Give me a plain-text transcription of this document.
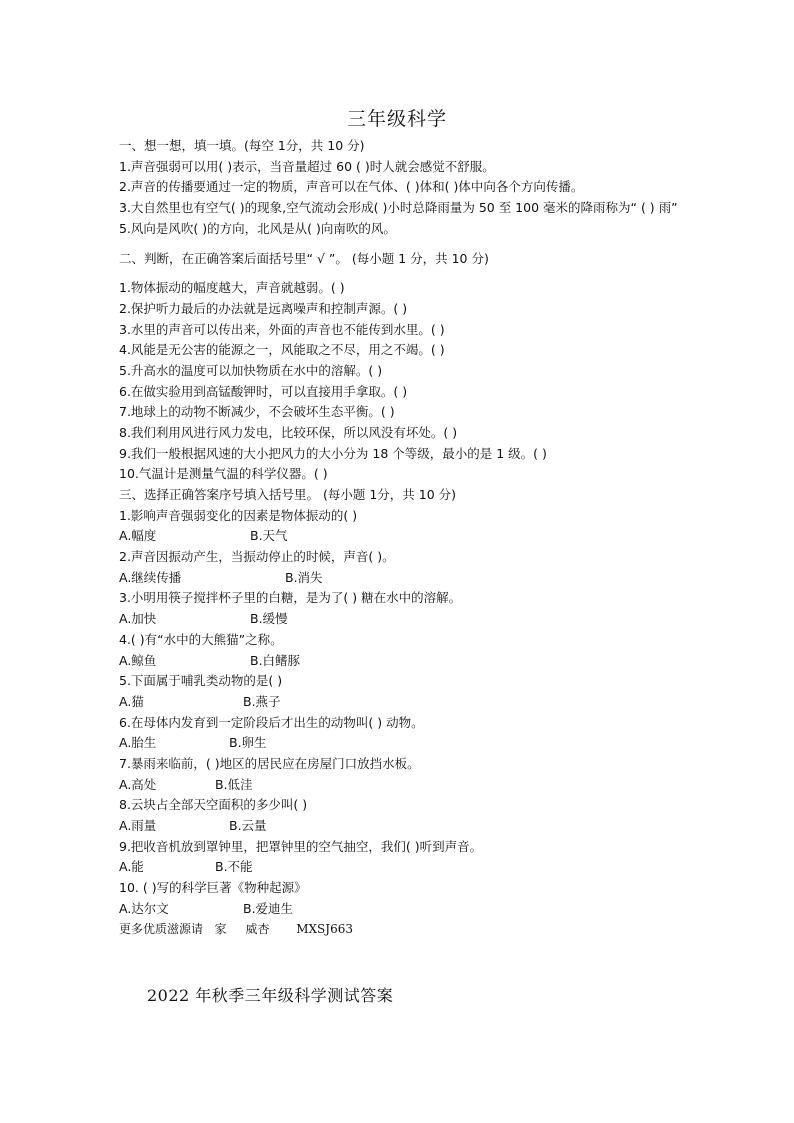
三年级科学
一、想一想，填一填。(每空 1分，共 10 分)
1.声音强弱可以用( )表示，当音量超过 60 ( )时人就会感觉不舒服。
2.声音的传播要通过一定的物质，声音可以在气体、( )体和( )体中向各个方向传播。
3.大自然里也有空气( )的现象,空气流动会形成( )小时总降雨量为 50 至 100 毫米的降雨称为“ ( ) 雨”
5.风向是风吹( )的方向，北风是从( )向南吹的风。
二、判断，在正确答案后面括号里“ √ ”。 (每小题 1 分，共 10 分)
1.物体振动的幅度越大，声音就越弱。( )
2.保护听力最后的办法就是远离噪声和控制声源。( )
3.水里的声音可以传出来，外面的声音也不能传到水里。( )
4.风能是无公害的能源之一，风能取之不尽，用之不竭。( )
5.升高水的温度可以加快物质在水中的溶解。( )
6.在做实验用到高锰酸钾时，可以直接用手拿取。( )
7.地球上的动物不断减少，不会破坏生态平衡。( )
8.我们利用风进行风力发电，比较环保，所以风没有坏处。( )
9.我们一般根据风速的大小把风力的大小分为 18 个等级，最小的是 1 级。( )
10.气温计是测量气温的科学仪器。( )
三、选择正确答案序号填入括号里。 (每小题 1分，共 10 分)
1.影响声音强弱变化的因素是物体振动的( )
A.幅度	B.天气
2.声音因振动产生，当振动停止的时候，声音( )。
A.继续传播	B.消失
3.小明用筷子搅拌杯子里的白糖，是为了( ) 糖在水中的溶解。
A.加快	B.缓慢
4.( )有“水中的大熊猫”之称。
A.鲸鱼	B.白鳍豚
5.下面属于哺乳类动物的是( )
A.猫	B.燕子
6.在母体内发育到一定阶段后才出生的动物叫( ) 动物。
A.胎生	B.卵生
7.暴雨来临前，( )地区的居民应在房屋门口放挡水板。
A.高处	B.低洼
8.云块占全部天空面积的多少叫( )
A.雨量	B.云量
9.把收音机放到罩钟里，把罩钟里的空气抽空，我们( )听到声音。
A.能	B.不能
10. ( )写的科学巨著《物种起源》
A.达尔文	B.爱迪生
更多优质滋源请   家     威杏       MXSJ663
2022 年秋季三年级科学测试答案
